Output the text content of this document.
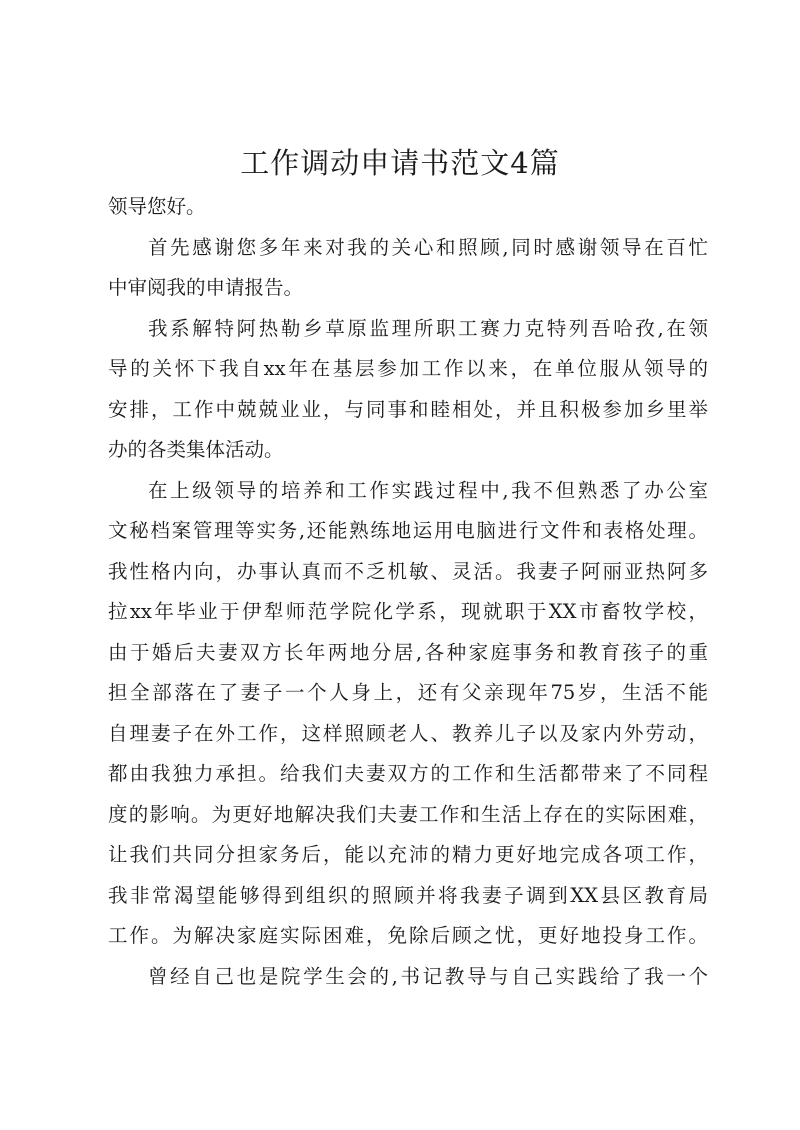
工作调动申请书范文4篇
领导您好。
首先感谢您多年来对我的关心和照顾,同时感谢领导在百忙
中审阅我的申请报告。
我系解特阿热勒乡草原监理所职工赛力克特列吾哈孜,在领
导的关怀下我自xx年在基层参加工作以来，在单位服从领导的
安排，工作中兢兢业业，与同事和睦相处，并且积极参加乡里举
办的各类集体活动。
在上级领导的培养和工作实践过程中,我不但熟悉了办公室
文秘档案管理等实务,还能熟练地运用电脑进行文件和表格处理。
我性格内向，办事认真而不乏机敏、灵活。我妻子阿丽亚热阿多
拉xx年毕业于伊犁师范学院化学系，现就职于XX市畜牧学校，
由于婚后夫妻双方长年两地分居,各种家庭事务和教育孩子的重
担全部落在了妻子一个人身上，还有父亲现年75岁，生活不能
自理妻子在外工作，这样照顾老人、教养儿子以及家内外劳动，
都由我独力承担。给我们夫妻双方的工作和生活都带来了不同程
度的影响。为更好地解决我们夫妻工作和生活上存在的实际困难，
让我们共同分担家务后，能以充沛的精力更好地完成各项工作，
我非常渴望能够得到组织的照顾并将我妻子调到XX县区教育局
工作。为解决家庭实际困难，免除后顾之忧，更好地投身工作。
曾经自己也是院学生会的,书记教导与自己实践给了我一个
